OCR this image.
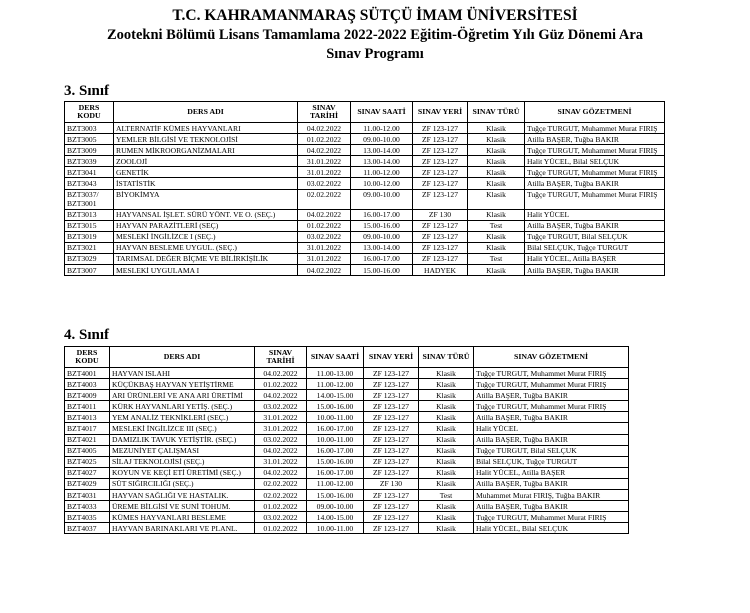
T.C. KAHRAMANMARAŞ SÜTÇÜ İMAM ÜNİVERSİTESİ
Zootekni Bölümü Lisans Tamamlama 2022-2022 Eğitim-Öğretim Yılı Güz Dönemi Ara
Sınav Programı
3. Sınıf
DERS KODU	DERS ADI	SINAV TARİHİ	SINAV SAATİ	SINAV YERİ	SINAV TÜRÜ	SINAV GÖZETMENİ
BZT3003	ALTERNATİF KÜMES HAYVANLARI	04.02.2022	11.00-12.00	ZF 123-127	Klasik	Tuğçe TURGUT, Muhammet Murat FIRIŞ
BZT3005	YEMLER BİLGİSİ VE TEKNOLOJİSİ	01.02.2022	09.00-10.00	ZF 123-127	Klasik	Atilla BAŞER, Tuğba BAKIR
BZT3009	RUMEN MİKROORGANİZMALARI	04.02.2022	13.00-14.00	ZF 123-127	Klasik	Tuğçe TURGUT, Muhammet Murat FIRIŞ
BZT3039	ZOOLOJİ	31.01.2022	13.00-14.00	ZF 123-127	Klasik	Halit YÜCEL, Bilal SELÇUK
BZT3041	GENETİK	31.01.2022	11.00-12.00	ZF 123-127	Klasik	Tuğçe TURGUT, Muhammet Murat FIRIŞ
BZT3043	İSTATİSTİK	03.02.2022	10.00-12.00	ZF 123-127	Klasik	Atilla BAŞER, Tuğba BAKIR
BZT3037/ BZT3001	BİYOKİMYA	02.02.2022	09.00-10.00	ZF 123-127	Klasik	Tuğçe TURGUT, Muhammet Murat FIRIŞ
BZT3013	HAYVANSAL İŞLET. SÜRÜ YÖNT. VE O. (SEÇ.)	04.02.2022	16.00-17.00	ZF 130	Klasik	Halit YÜCEL
BZT3015	HAYVAN PARAZİTLERİ (SEÇ)	01.02.2022	15.00-16.00	ZF 123-127	Test	Atilla BAŞER, Tuğba BAKIR
BZT3019	MESLEKİ İNGİLİZCE I (SEÇ.)	03.02.2022	09.00-10.00	ZF 123-127	Klasik	Tuğçe TURGUT, Bilal SELÇUK
BZT3021	HAYVAN BESLEME UYGUL. (SEÇ.)	31.01.2022	13.00-14.00	ZF 123-127	Klasik	Bilal SELÇUK, Tuğçe TURGUT
BZT3029	TARIMSAL DEĞER BİÇME VE BİLİRKİŞİLİK	31.01.2022	16.00-17.00	ZF 123-127	Test	Halit YÜCEL, Atilla BAŞER
BZT3007	MESLEKİ UYGULAMA I	04.02.2022	15.00-16.00	HADYEK	Klasik	Atilla BAŞER, Tuğba BAKIR
4. Sınıf
DERS KODU	DERS ADI	SINAV TARİHİ	SINAV SAATİ	SINAV YERİ	SINAV TÜRÜ	SINAV GÖZETMENİ
BZT4001	HAYVAN ISLAHI	04.02.2022	11.00-13.00	ZF 123-127	Klasik	Tuğçe TURGUT, Muhammet Murat FIRIŞ
BZT4003	KÜÇÜKBAŞ HAYVAN YETİŞTİRME	01.02.2022	11.00-12.00	ZF 123-127	Klasik	Tuğçe TURGUT, Muhammet Murat FIRIŞ
BZT4009	ARI ÜRÜNLERİ VE ANA ARI ÜRETİMİ	04.02.2022	14.00-15.00	ZF 123-127	Klasik	Atilla BAŞER, Tuğba BAKIR
BZT4011	KÜRK HAYVANLARI YETİŞ. (SEÇ.)	03.02.2022	15.00-16.00	ZF 123-127	Klasik	Tuğçe TURGUT, Muhammet Murat FIRIŞ
BZT4013	YEM ANALİZ TEKNİKLERİ (SEÇ.)	31.01.2022	10.00-11.00	ZF 123-127	Klasik	Atilla BAŞER, Tuğba BAKIR
BZT4017	MESLEKİ İNGİLİZCE III (SEÇ.)	31.01.2022	16.00-17.00	ZF 123-127	Klasik	Halit YÜCEL
BZT4021	DAMIZLIK TAVUK YETİŞTİR. (SEÇ.)	03.02.2022	10.00-11.00	ZF 123-127	Klasik	Atilla BAŞER, Tuğba BAKIR
BZT4005	MEZUNİYET ÇALIŞMASI	04.02.2022	16.00-17.00	ZF 123-127	Klasik	Tuğçe TURGUT, Bilal SELÇUK
BZT4025	SİLAJ TEKNOLOJİSİ (SEÇ.)	31.01.2022	15.00-16.00	ZF 123-127	Klasik	Bilal SELÇUK, Tuğçe TURGUT
BZT4027	KOYUN VE KEÇİ ETİ ÜRETİMİ (SEÇ.)	04.02.2022	16.00-17.00	ZF 123-127	Klasik	Halit YÜCEL, Atilla BAŞER
BZT4029	SÜT SIĞIRCILIĞI (SEÇ.)	02.02.2022	11.00-12.00	ZF 130	Klasik	Atilla BAŞER, Tuğba BAKIR
BZT4031	HAYVAN SAĞLIĞI VE HASTALIK.	02.02.2022	15.00-16.00	ZF 123-127	Test	Muhammet Murat FIRIŞ, Tuğba BAKIR
BZT4033	ÜREME BİLGİSİ VE SUNİ TOHUM.	01.02.2022	09.00-10.00	ZF 123-127	Klasik	Atilla BAŞER, Tuğba BAKIR
BZT4035	KÜMES HAYVANLARI BESLEME	03.02.2022	14.00-15.00	ZF 123-127	Klasik	Tuğçe TURGUT, Muhammet Murat FIRIŞ
BZT4037	HAYVAN BARINAKLARI VE PLANL.	01.02.2022	10.00-11.00	ZF 123-127	Klasik	Halit YÜCEL, Bilal SELÇUK
